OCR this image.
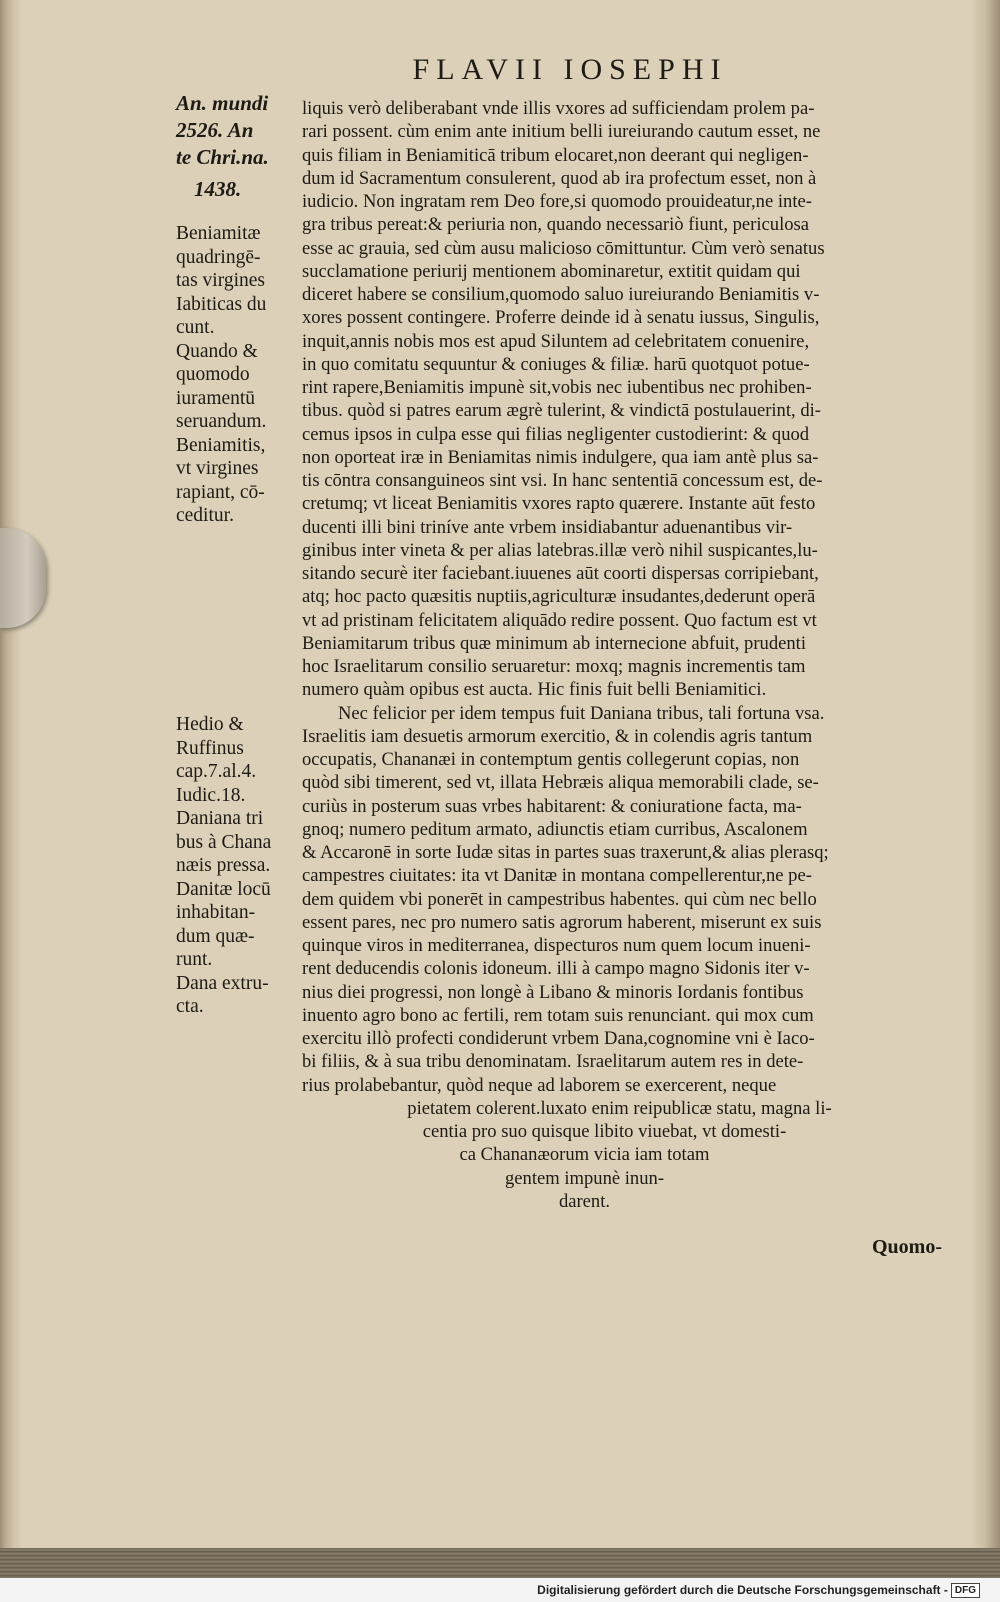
FLAVII IOSEPHI
An. mundi
2526. An
te Chri.na.
1438.
Beniamitæ
quadringē-
tas virgines
Iabiticas du
cunt.
Quando &
quomodo
iuramentū
seruandum.
Beniamitis,
vt virgines
rapiant, cō-
ceditur.
Hedio &
Ruffinus
cap.7.al.4.
Iudic.18.
Daniana tri
bus à Chana
næis pressa.
Danitæ locū
inhabitan-
dum quæ-
runt.
Dana extru-
cta.
liquis verò deliberabant vnde illis vxores ad sufficiendam prolem pa-
rari possent. cùm enim ante initium belli iureiurando cautum esset, ne
quis filiam in Beniamiticā tribum elocaret,non deerant qui negligen-
dum id Sacramentum consulerent, quod ab ira profectum esset, non à
iudicio. Non ingratam rem Deo fore,si quomodo prouideatur,ne inte-
gra tribus pereat:& periuria non, quando necessariò fiunt, periculosa
esse ac grauia, sed cùm ausu malicioso cōmittuntur. Cùm verò senatus
succlamatione periurij mentionem abominaretur, extitit quidam qui
diceret habere se consilium,quomodo saluo iureiurando Beniamitis v-
xores possent contingere. Proferre deinde id à senatu iussus, Singulis,
inquit,annis nobis mos est apud Siluntem ad celebritatem conuenire,
in quo comitatu sequuntur & coniuges & filiæ. harū quotquot potue-
rint rapere,Beniamitis impunè sit,vobis nec iubentibus nec prohiben-
tibus. quòd si patres earum ægrè tulerint, & vindictā postulauerint, di-
cemus ipsos in culpa esse qui filias negligenter custodierint: & quod
non oporteat iræ in Beniamitas nimis indulgere, qua iam antè plus sa-
tis cōntra consanguineos sint vsi. In hanc sententiā concessum est, de-
cretumq; vt liceat Beniamitis vxores rapto quærere. Instante aūt festo
ducenti illi bini triníve ante vrbem insidiabantur aduenantibus vir-
ginibus inter vineta & per alias latebras.illæ verò nihil suspicantes,lu-
sitando securè iter faciebant.iuuenes aūt coorti dispersas corripiebant,
atq; hoc pacto quæsitis nuptiis,agriculturæ insudantes,dederunt operā
vt ad pristinam felicitatem aliquādo redire possent. Quo factum est vt
Beniamitarum tribus quæ minimum ab internecione abfuit, prudenti
hoc Israelitarum consilio seruaretur: moxq; magnis incrementis tam
numero quàm opibus est aucta. Hic finis fuit belli Beniamitici.
Nec felicior per idem tempus fuit Daniana tribus, tali fortuna vsa.
Israelitis iam desuetis armorum exercitio, & in colendis agris tantum
occupatis, Chananæi in contemptum gentis collegerunt copias, non
quòd sibi timerent, sed vt, illata Hebræis aliqua memorabili clade, se-
curiùs in posterum suas vrbes habitarent: & coniuratione facta, ma-
gnoq; numero peditum armato, adiunctis etiam curribus, Ascalonem
& Accaronē in sorte Iudæ sitas in partes suas traxerunt,& alias plerasq;
campestres ciuitates: ita vt Danitæ in montana compellerentur,ne pe-
dem quidem vbi ponerēt in campestribus habentes. qui cùm nec bello
essent pares, nec pro numero satis agrorum haberent, miserunt ex suis
quinque viros in mediterranea, dispecturos num quem locum inueni-
rent deducendis colonis idoneum. illi à campo magno Sidonis iter v-
nius diei progressi, non longè à Libano & minoris Iordanis fontibus
inuento agro bono ac fertili, rem totam suis renunciant. qui mox cum
exercitu illò profecti condiderunt vrbem Dana,cognomine vni è Iaco-
bi filiis, & à sua tribu denominatam. Israelitarum autem res in dete-
rius prolabebantur, quòd neque ad laborem se exercerent, neque
pietatem colerent.luxato enim reipublicæ statu, magna li-
centia pro suo quisque libito viuebat, vt domesti-
ca Chananæorum vicia iam totam
gentem impunè inun-
darent.
Quomo-
Digitalisierung gefördert durch die Deutsche Forschungsgemeinschaft - DFG
